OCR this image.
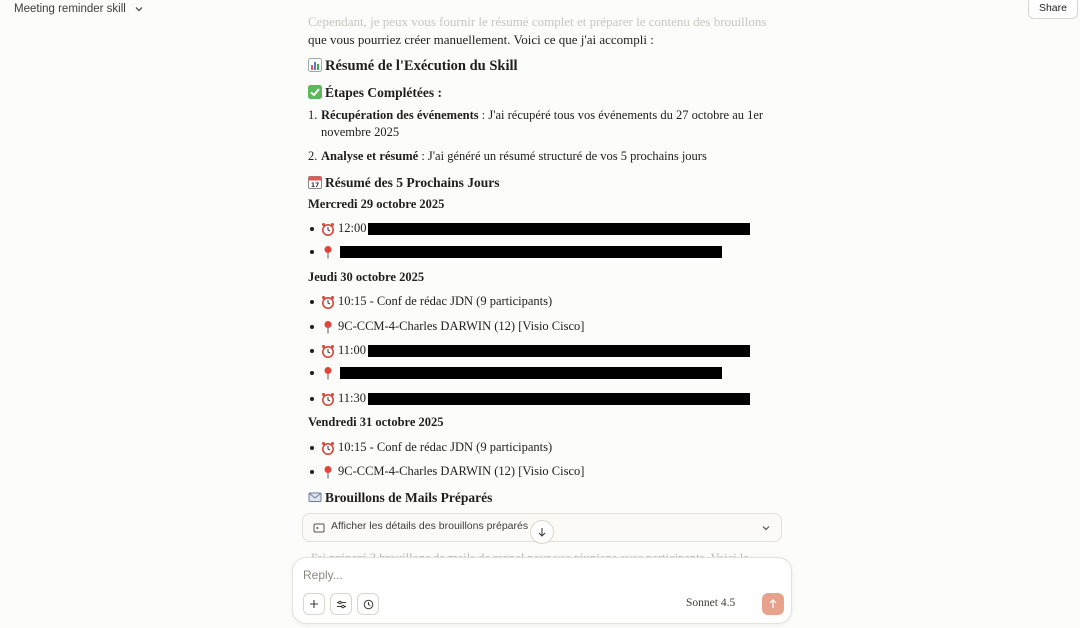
Meeting reminder skill	Share
Cependant, je peux vous fournir le résumé complet et préparer le contenu des brouillons
que vous pourriez créer manuellement. Voici ce que j'ai accompli :
Résumé de l'Exécution du Skill
Étapes Complétées :
1. Récupération des événements : J'ai récupéré tous vos événements du 27 octobre au 1er novembre 2025
2. Analyse et résumé : J'ai généré un résumé structuré de vos 5 prochains jours
17 Résumé des 5 Prochains Jours
Mercredi 29 octobre 2025
12:00
Jeudi 30 octobre 2025
10:15 - Conf de rédac JDN (9 participants)
9C-CCM-4-Charles DARWIN (12) [Visio Cisco]
11:00
11:30
Vendredi 31 octobre 2025
10:15 - Conf de rédac JDN (9 participants)
9C-CCM-4-Charles DARWIN (12) [Visio Cisco]
Brouillons de Mails Préparés
Afficher les détails des brouillons préparés
Reply...
Sonnet 4.5
